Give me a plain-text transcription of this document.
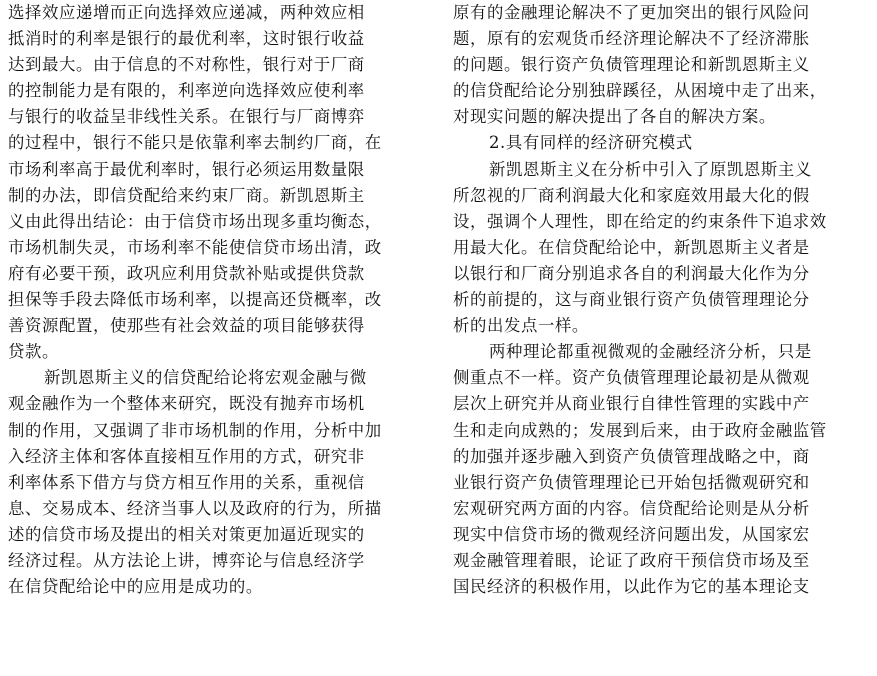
选择效应递增而正向选择效应递减，两种效应相
抵消时的利率是银行的最优利率，这时银行收益
达到最大。由于信息的不对称性，银行对于厂商
的控制能力是有限的，利率逆向选择效应使利率
与银行的收益呈非线性关系。在银行与厂商博弈
的过程中，银行不能只是依靠利率去制约厂商，在
市场利率高于最优利率时，银行必须运用数量限
制的办法，即信贷配给来约束厂商。新凯恩斯主
义由此得出结论：由于信贷市场出现多重均衡态，
市场机制失灵，市场利率不能使信贷市场出清，政
府有必要干预，政巩应利用贷款补贴或提供贷款
担保等手段去降低市场利率，以提高还贷概率，改
善资源配置，使那些有社会效益的项目能够获得
贷款。
新凯恩斯主义的信贷配给论将宏观金融与微
观金融作为一个整体来研究，既没有抛弃市场机
制的作用，又强调了非市场机制的作用，分析中加
入经济主体和客体直接相互作用的方式，研究非
利率体系下借方与贷方相互作用的关系，重视信
息、交易成本、经济当事人以及政府的行为，所描
述的信贷市场及提出的相关对策更加逼近现实的
经济过程。从方法论上讲，博弈论与信息经济学
在信贷配给论中的应用是成功的。
原有的金融理论解决不了更加突出的银行风险问
题，原有的宏观货币经济理论解决不了经济滞胀
的问题。银行资产负债管理理论和新凯恩斯主义
的信贷配给论分别独辟蹊径，从困境中走了出来，
对现实问题的解决提出了各自的解决方案。
2.具有同样的经济研究模式
新凯恩斯主义在分析中引入了原凯恩斯主义
所忽视的厂商利润最大化和家庭效用最大化的假
设，强调个人理性，即在给定的约束条件下追求效
用最大化。在信贷配给论中，新凯恩斯主义者是
以银行和厂商分别追求各自的利润最大化作为分
析的前提的，这与商业银行资产负债管理理论分
析的出发点一样。
两种理论都重视微观的金融经济分析，只是
侧重点不一样。资产负债管理理论最初是从微观
层次上研究并从商业银行自律性管理的实践中产
生和走向成熟的；发展到后来，由于政府金融监管
的加强并逐步融入到资产负债管理战略之中，商
业银行资产负债管理理论已开始包括微观研究和
宏观研究两方面的内容。信贷配给论则是从分析
现实中信贷市场的微观经济问题出发，从国家宏
观金融管理着眼，论证了政府干预信贷市场及至
国民经济的积极作用，以此作为它的基本理论支
